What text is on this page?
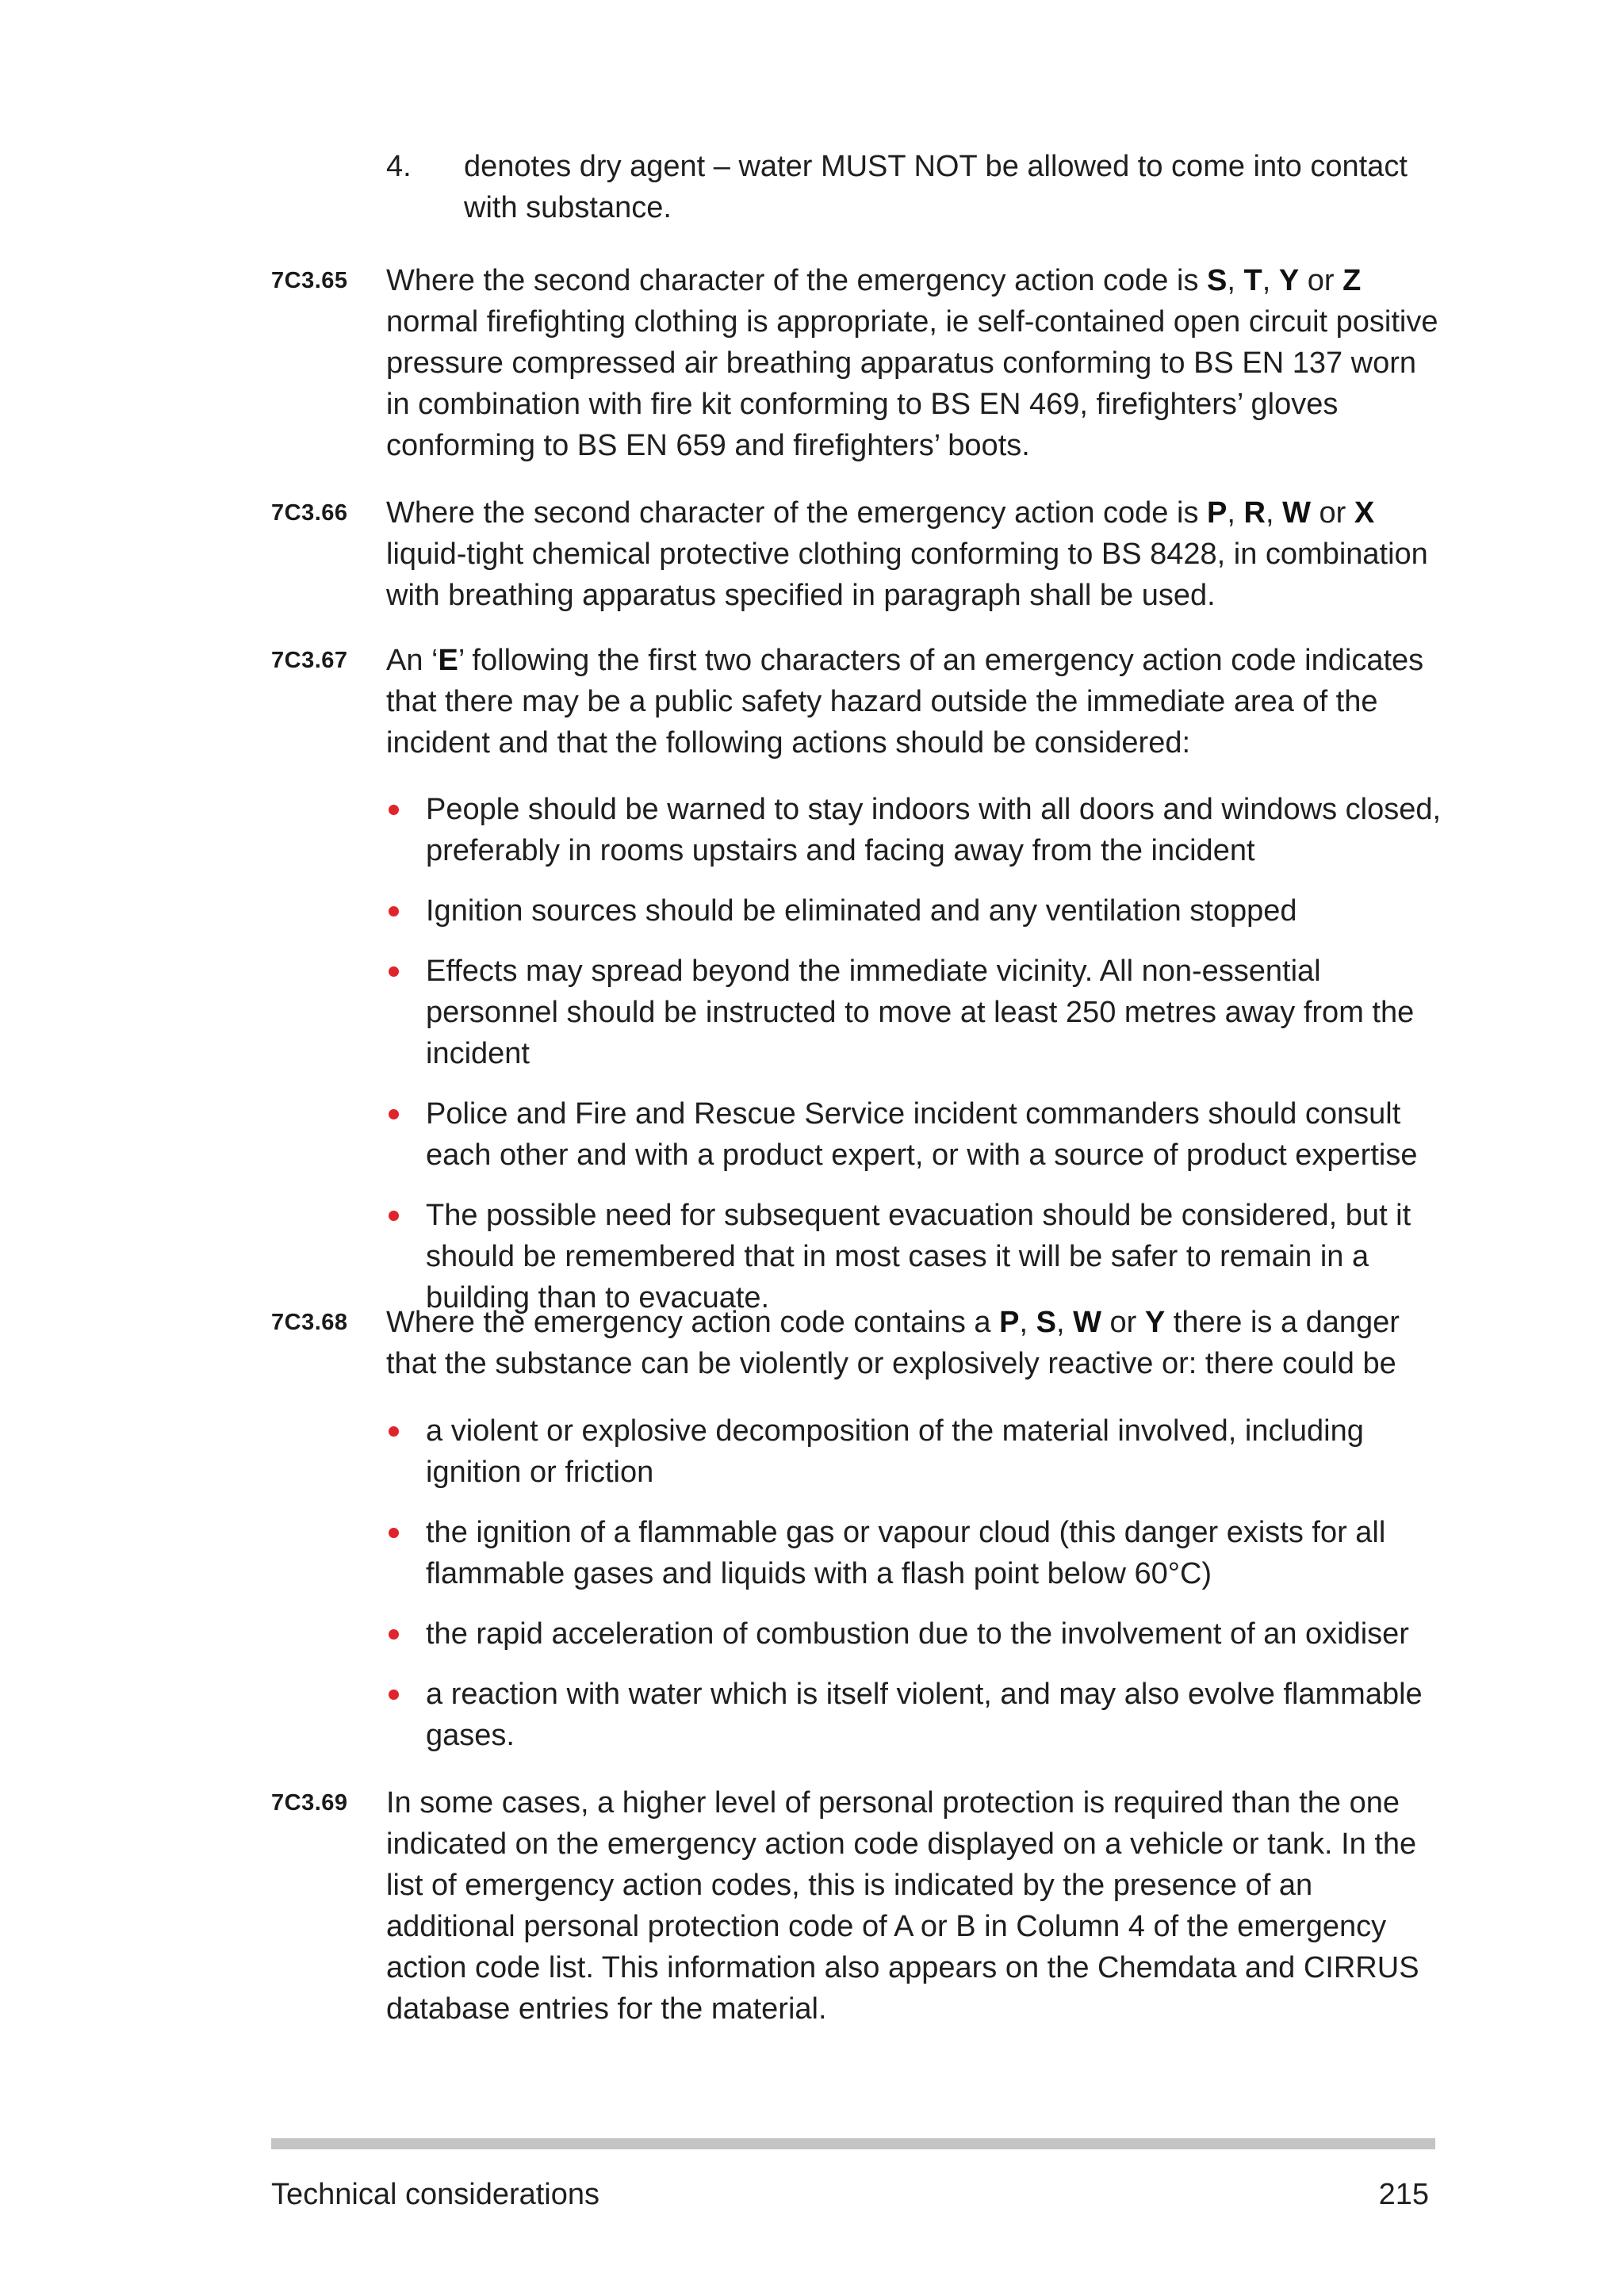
4. denotes dry agent – water MUST NOT be allowed to come into contact with substance.
7C3.65 Where the second character of the emergency action code is S, T, Y or Z normal firefighting clothing is appropriate, ie self-contained open circuit positive pressure compressed air breathing apparatus conforming to BS EN 137 worn in combination with fire kit conforming to BS EN 469, firefighters’ gloves conforming to BS EN 659 and firefighters’ boots.
7C3.66 Where the second character of the emergency action code is P, R, W or X liquid-tight chemical protective clothing conforming to BS 8428, in combination with breathing apparatus specified in paragraph shall be used.
7C3.67 An ‘E’ following the first two characters of an emergency action code indicates that there may be a public safety hazard outside the immediate area of the incident and that the following actions should be considered:
People should be warned to stay indoors with all doors and windows closed, preferably in rooms upstairs and facing away from the incident
Ignition sources should be eliminated and any ventilation stopped
Effects may spread beyond the immediate vicinity. All non-essential personnel should be instructed to move at least 250 metres away from the incident
Police and Fire and Rescue Service incident commanders should consult each other and with a product expert, or with a source of product expertise
The possible need for subsequent evacuation should be considered, but it should be remembered that in most cases it will be safer to remain in a building than to evacuate.
7C3.68 Where the emergency action code contains a P, S, W or Y there is a danger that the substance can be violently or explosively reactive or: there could be
a violent or explosive decomposition of the material involved, including ignition or friction
the ignition of a flammable gas or vapour cloud (this danger exists for all flammable gases and liquids with a flash point below 60°C)
the rapid acceleration of combustion due to the involvement of an oxidiser
a reaction with water which is itself violent, and may also evolve flammable gases.
7C3.69 In some cases, a higher level of personal protection is required than the one indicated on the emergency action code displayed on a vehicle or tank. In the list of emergency action codes, this is indicated by the presence of an additional personal protection code of A or B in Column 4 of the emergency action code list. This information also appears on the Chemdata and CIRRUS database entries for the material.
Technical considerations	215
